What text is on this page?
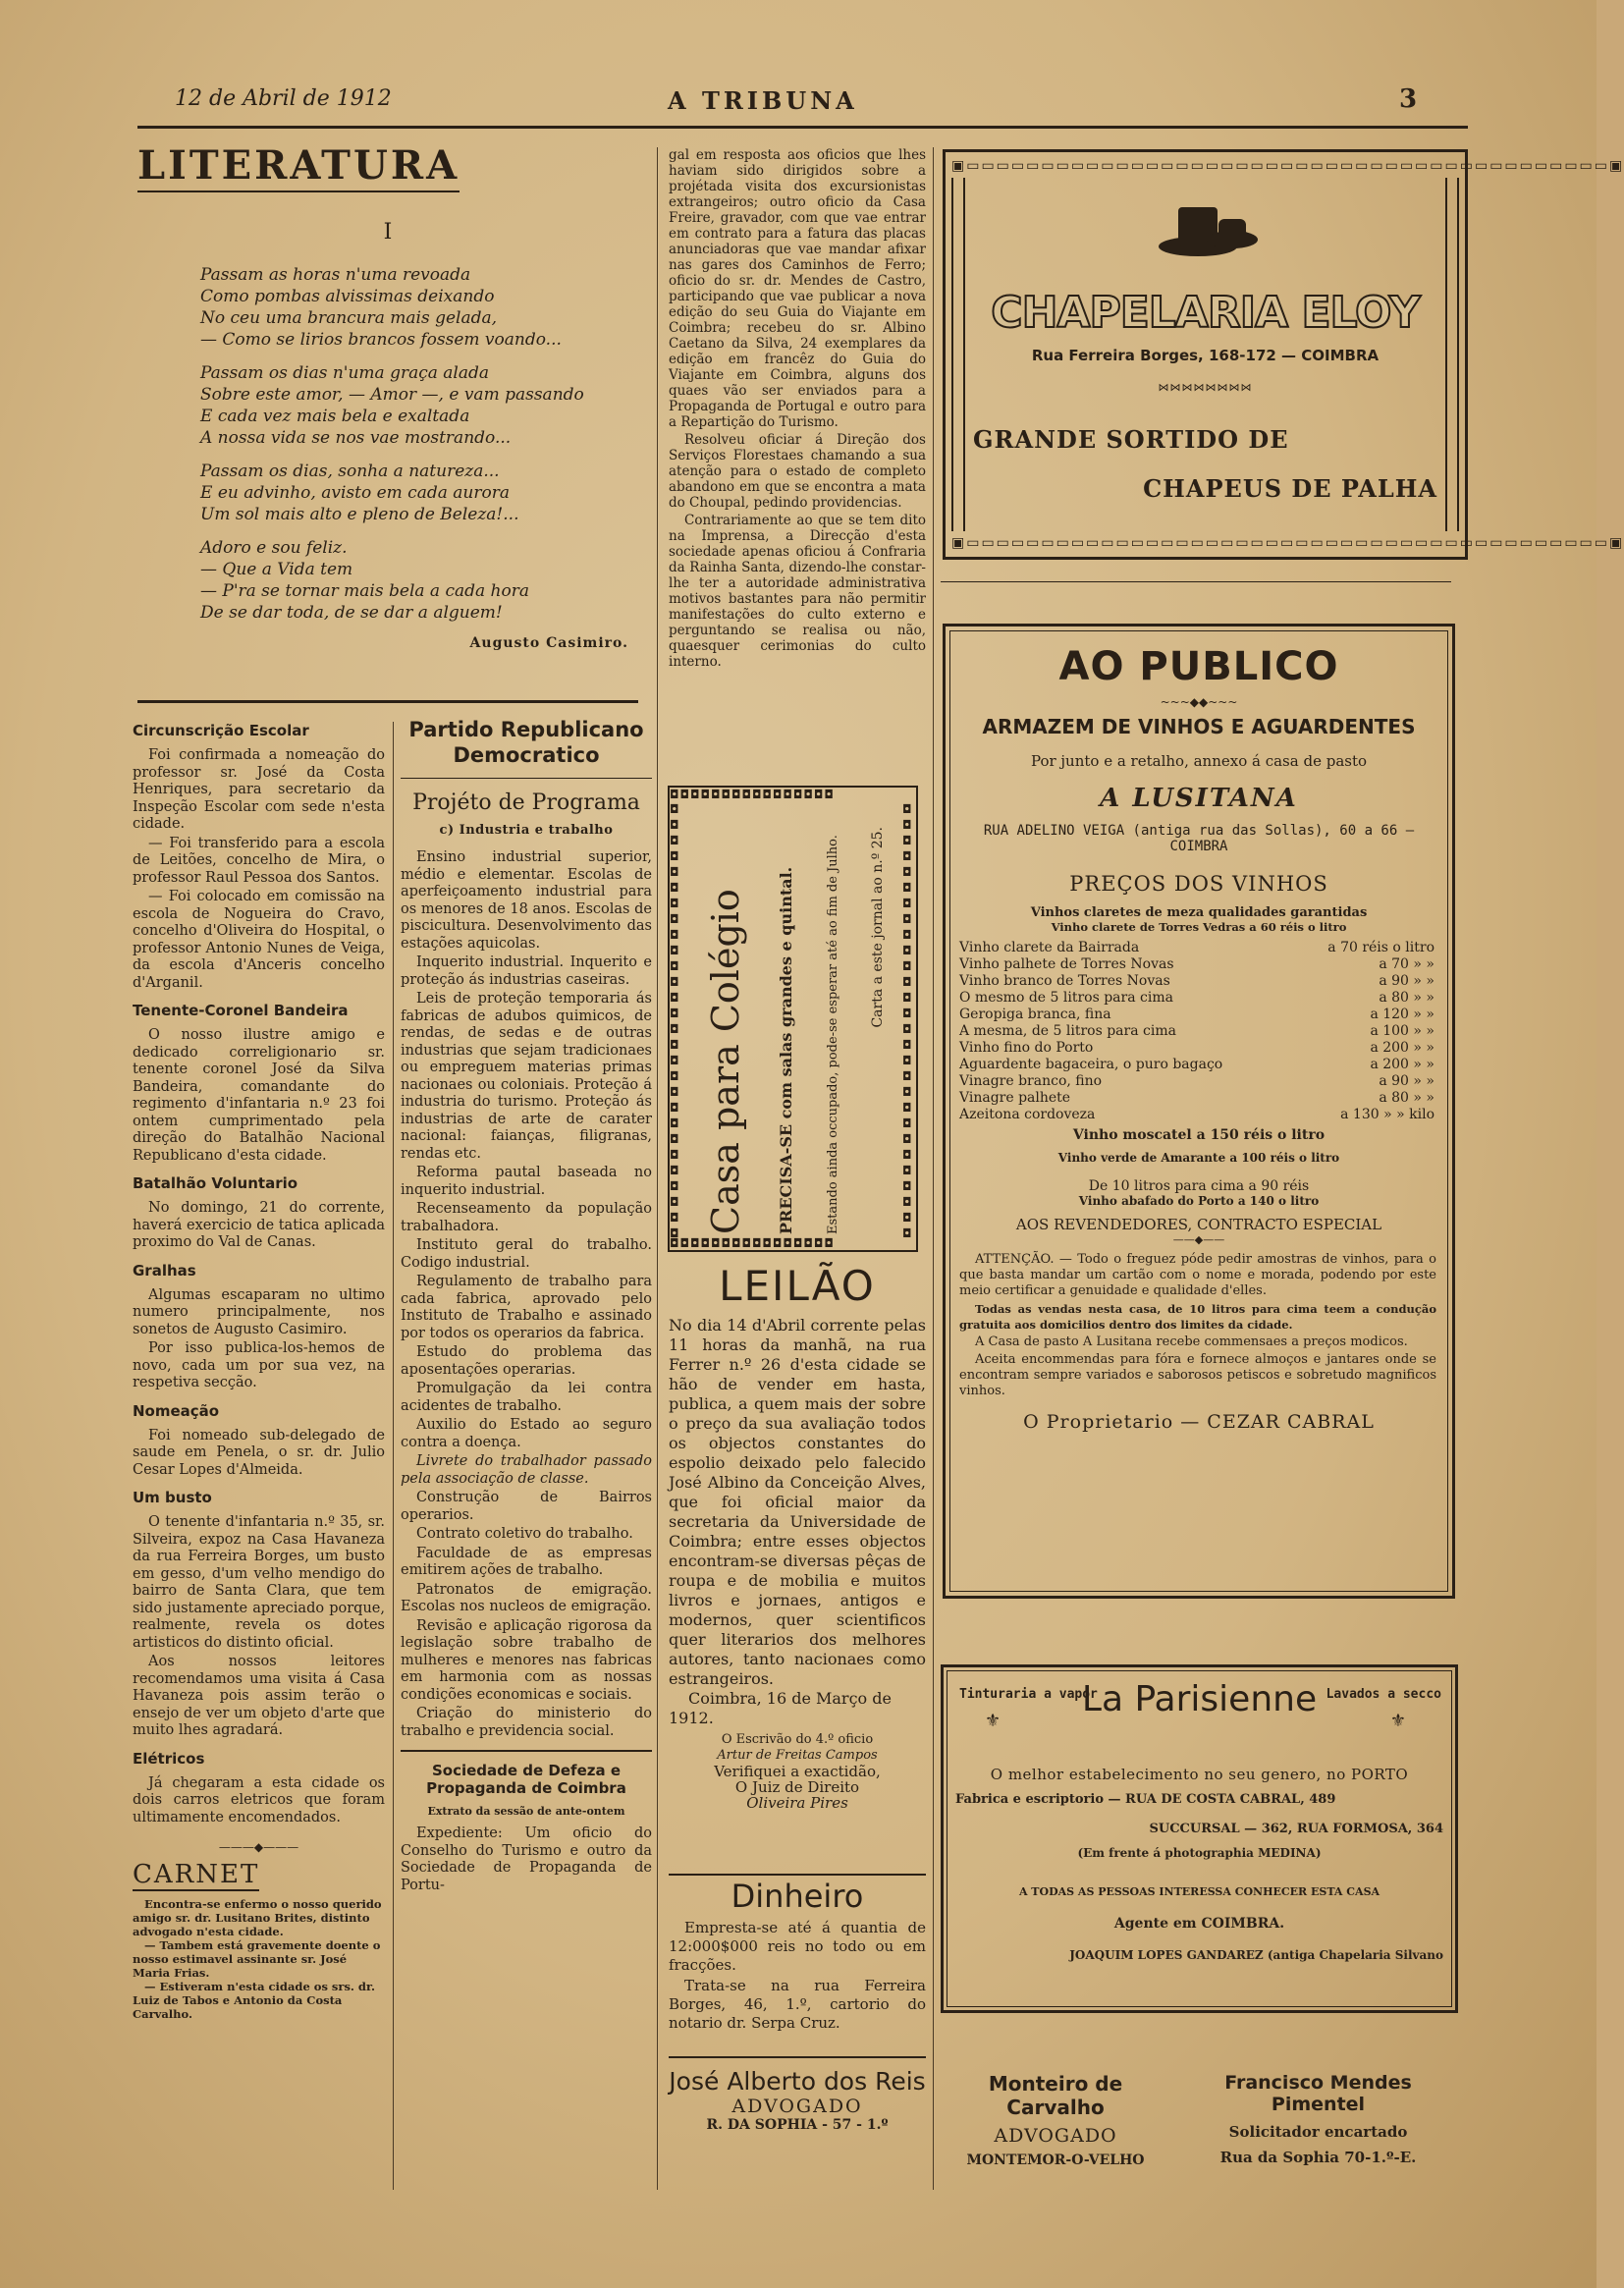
12 de Abril de 1912	A TRIBUNA	3
LITERATURA
I

Passam as horas n'uma revoada
Como pombas alvissimas deixando
No ceu uma brancura mais gelada,
— Como se lirios brancos fossem voando...

Passam os dias n'uma graça alada
Sobre este amor, — Amor —, e vam passando
E cada vez mais bela e exaltada
A nossa vida se nos vae mostrando...

Passam os dias, sonha a natureza...
E eu advinho, avisto em cada aurora
Um sol mais alto e pleno de Beleza!...

Adoro e sou feliz.
— Que a Vida tem
— P'ra se tornar mais bela a cada hora
De se dar toda, de se dar a alguem!

Augusto Casimiro.
Circunscrição Escolar

Foi confirmada a nomeação do professor sr. José da Costa Henriques, para secretario da Inspeção Escolar com sede n'esta cidade.

— Foi transferido para a escola de Leitões, concelho de Mira, o professor Raul Pessoa dos Santos.

— Foi colocado em comissão na escola de Nogueira do Cravo, concelho d'Oliveira do Hospital, o professor Antonio Nunes de Veiga, da escola d'Anceris concelho d'Arganil.

Tenente-Coronel Bandeira

O nosso ilustre amigo e dedicado correligionario sr. tenente coronel José da Silva Bandeira, comandante do regimento d'infantaria n.º 23 foi ontem cumprimentado pela direção do Batalhão Nacional Republicano d'esta cidade.

Batalhão Voluntario

No domingo, 21 do corrente, haverá exercicio de tatica aplicada proximo do Val de Canas.

Gralhas

Algumas escaparam no ultimo numero principalmente, nos sonetos de Augusto Casimiro.

Por isso publica-los-hemos de novo, cada um por sua vez, na respetiva secção.

Nomeação

Foi nomeado sub-delegado de saude em Penela, o sr. dr. Julio Cesar Lopes d'Almeida.

Um busto

O tenente d'infantaria n.º 35, sr. Silveira, expoz na Casa Havaneza da rua Ferreira Borges, um busto em gesso, d'um velho mendigo do bairro de Santa Clara, que tem sido justamente apreciado porque, realmente, revela os dotes artisticos do distinto oficial.

Aos nossos leitores recomendamos uma visita á Casa Havaneza pois assim terão o ensejo de ver um objeto d'arte que muito lhes agradará.

Elétricos

Já chegaram a esta cidade os dois carros eletricos que foram ultimamente encomendados.

———◆———
CARNET
Encontra-se enfermo o nosso querido amigo sr. dr. Lusitano Brites, distinto advogado n'esta cidade.
— Tambem está gravemente doente o nosso estimavel assinante sr. José Maria Frias.
— Estiveram n'esta cidade os srs. dr. Luiz de Tabos e Antonio da Costa Carvalho.
Partido Republicano Democratico
Projéto de Programa
c) Industria e trabalho

Ensino industrial superior, médio e elementar. Escolas de aperfeiçoamento industrial para os menores de 18 anos. Escolas de piscicultura. Desenvolvimento das estações aquicolas.

Inquerito industrial. Inquerito e proteção ás industrias caseiras.

Leis de proteção temporaria ás fabricas de adubos quimicos, de rendas, de sedas e de outras industrias que sejam tradicionaes ou empreguem materias primas nacionaes ou coloniais. Proteção á industria do turismo. Proteção ás industrias de arte de carater nacional: faianças, filigranas, rendas etc.

Reforma pautal baseada no inquerito industrial.

Recenseamento da população trabalhadora.

Instituto geral do trabalho. Codigo industrial.

Regulamento de trabalho para cada fabrica, aprovado pelo Instituto de Trabalho e assinado por todos os operarios da fabrica.

Estudo do problema das aposentações operarias.

Promulgação da lei contra acidentes de trabalho.

Auxilio do Estado ao seguro contra a doença.

Livrete do trabalhador passado pela associação de classe.

Construção de Bairros operarios.

Contrato coletivo do trabalho.

Faculdade de as empresas emitirem ações de trabalho.

Patronatos de emigração. Escolas nos nucleos de emigração.

Revisão e aplicação rigorosa da legislação sobre trabalho de mulheres e menores nas fabricas em harmonia com as nossas condições economicas e sociais.

Criação do ministerio do trabalho e previdencia social.

Sociedade de Defeza e Propaganda de Coimbra
Extrato da sessão de ante-ontem

Expediente: Um oficio do Conselho do Turismo e outro da Sociedade de Propaganda de Portu-

gal em resposta aos oficios que lhes haviam sido dirigidos sobre a projétada visita dos excursionistas extrangeiros; outro oficio da Casa Freire, gravador, com que vae entrar em contrato para a fatura das placas anunciadoras que vae mandar afixar nas gares dos Caminhos de Ferro; oficio do sr. dr. Mendes de Castro, participando que vae publicar a nova edição do seu Guia do Viajante em Coimbra; recebeu do sr. Albino Caetano da Silva, 24 exemplares da edição em francêz do Guia do Viajante em Coimbra, alguns dos quaes vão ser enviados para a Propaganda de Portugal e outro para a Repartição do Turismo.

Resolveu oficiar á Direção dos Serviços Florestaes chamando a sua atenção para o estado de completo abandono em que se encontra a mata do Choupal, pedindo providencias.

Contrariamente ao que se tem dito na Imprensa, a Direcção d'esta sociedade apenas oficiou á Confraria da Rainha Santa, dizendo-lhe constar-lhe ter a autoridade administrativa motivos bastantes para não permitir manifestações do culto externo e perguntando se realisa ou não, quaesquer cerimonias do culto interno.

◘◘◘◘◘◘◘◘◘◘◘◘◘◘◘◘
◘◘◘◘◘◘◘◘◘◘◘◘◘◘◘◘◘◘◘◘◘◘◘◘◘◘◘◘
◘◘◘◘◘◘◘◘◘◘◘◘◘◘◘◘◘◘◘◘◘◘◘◘◘◘◘◘
◘◘◘◘◘◘◘◘◘◘◘◘◘◘◘◘
Casa para Colégio PRECISA-SE com salas grandes e quintal. Estando ainda occupado, pode-se esperar até ao fim de Julho. Carta a este jornal ao n.º 25.
LEILÃO
No dia 14 d'Abril corrente pelas 11 horas da manhã, na rua Ferrer n.º 26 d'esta cidade se hão de vender em hasta, publica, a quem mais der sobre o preço da sua avaliação todos os objectos constantes do espolio deixado pelo falecido José Albino da Conceição Alves, que foi oficial maior da secretaria da Universidade de Coimbra; entre esses objectos encontram-se diversas pêças de roupa e de mobilia e muitos livros e jornaes, antigos e modernos, quer scientificos quer literarios dos melhores autores, tanto nacionaes como estrangeiros.
Coimbra, 16 de Março de 1912.
O Escrivão do 4.º oficio
Artur de Freitas Campos
Verifiquei a exactidão,
O Juiz de Direito
Oliveira Pires
Dinheiro

Empresta-se até á quantia de 12:000$000 reis no todo ou em fracções.

Trata-se na rua Ferreira Borges, 46, 1.º, cartorio do notario dr. Serpa Cruz.

José Alberto dos Reis
ADVOGADO
R. DA SOPHIA - 57 - 1.º
▣▭▭▭▭▭▭▭▭▭▭▭▭▭▭▭▭▭▭▭▭▭▭▭▭▭▭▭▭▭▭▭▭▭▭▭▭▭▭▭▭▭▭▭▣
▣▭▭▭▭▭▭▭▭▭▭▭▭▭▭▭▭▭▭▭▭▭▭▭▭▭▭▭▭▭▭▭▭▭▭▭▭▭▭▭▭▭▭▭▣
CHAPELARIA ELOY
Rua Ferreira Borges, 168-172 — COIMBRA
⋈⋈⋈⋈⋈⋈⋈⋈
GRANDE SORTIDO DE
CHAPEUS DE PALHA
AO PUBLICO
~~~◆◆~~~
ARMAZEM DE VINHOS E AGUARDENTES
Por junto e a retalho, annexo á casa de pasto
A LUSITANA
RUA ADELINO VEIGA (antiga rua das Sollas), 60 a 66 — COIMBRA
PREÇOS DOS VINHOS
Vinhos claretes de meza qualidades garantidas
Vinho clarete de Torres Vedras a 60 réis o litro
Vinho clarete da Bairrada	a 70 réis o litro
Vinho palhete de Torres Novas	a 70 » »
Vinho branco de Torres Novas	a 90 » »
O mesmo de 5 litros para cima	a 80 » »
Geropiga branca, fina	a 120 » »
A mesma, de 5 litros para cima	a 100 » »
Vinho fino do Porto	a 200 » »
Aguardente bagaceira, o puro bagaço	a 200 » »
Vinagre branco, fino	a 90 » »
Vinagre palhete	a 80 » »
Azeitona cordoveza	a 130 » » kilo
Vinho moscatel a 150 réis o litro
Vinho verde de Amarante a 100 réis o litro
De 10 litros para cima a 90 réis
Vinho abafado do Porto a 140 o litro
AOS REVENDEDORES, CONTRACTO ESPECIAL
——◆——

ATTENÇÃO. — Todo o freguez póde pedir amostras de vinhos, para o que basta mandar um cartão com o nome e morada, podendo por este meio certificar a genuidade e qualidade d'elles.

Todas as vendas nesta casa, de 10 litros para cima teem a condução gratuita aos domicilios dentro dos limites da cidade.

A Casa de pasto A Lusitana recebe commensaes a preços modicos.

Aceita encommendas para fóra e fornece almoços e jantares onde se encontram sempre variados e saborosos petiscos e sobretudo magnificos vinhos.

O Proprietario — CEZAR CABRAL
Tinturaria a vapor	Lavados a secco
⚜	⚜
La Parisienne
O melhor estabelecimento no seu genero, no PORTO
Fabrica e escriptorio — RUA DE COSTA CABRAL, 489
SUCCURSAL — 362, RUA FORMOSA, 364
(Em frente á photographia MEDINA)
A TODAS AS PESSOAS INTERESSA CONHECER ESTA CASA
Agente em COIMBRA.
JOAQUIM LOPES GANDAREZ (antiga Chapelaria Silvano
Monteiro de Carvalho
ADVOGADO
MONTEMOR-O-VELHO
Francisco Mendes Pimentel
Solicitador encartado
Rua da Sophia 70-1.º-E.
